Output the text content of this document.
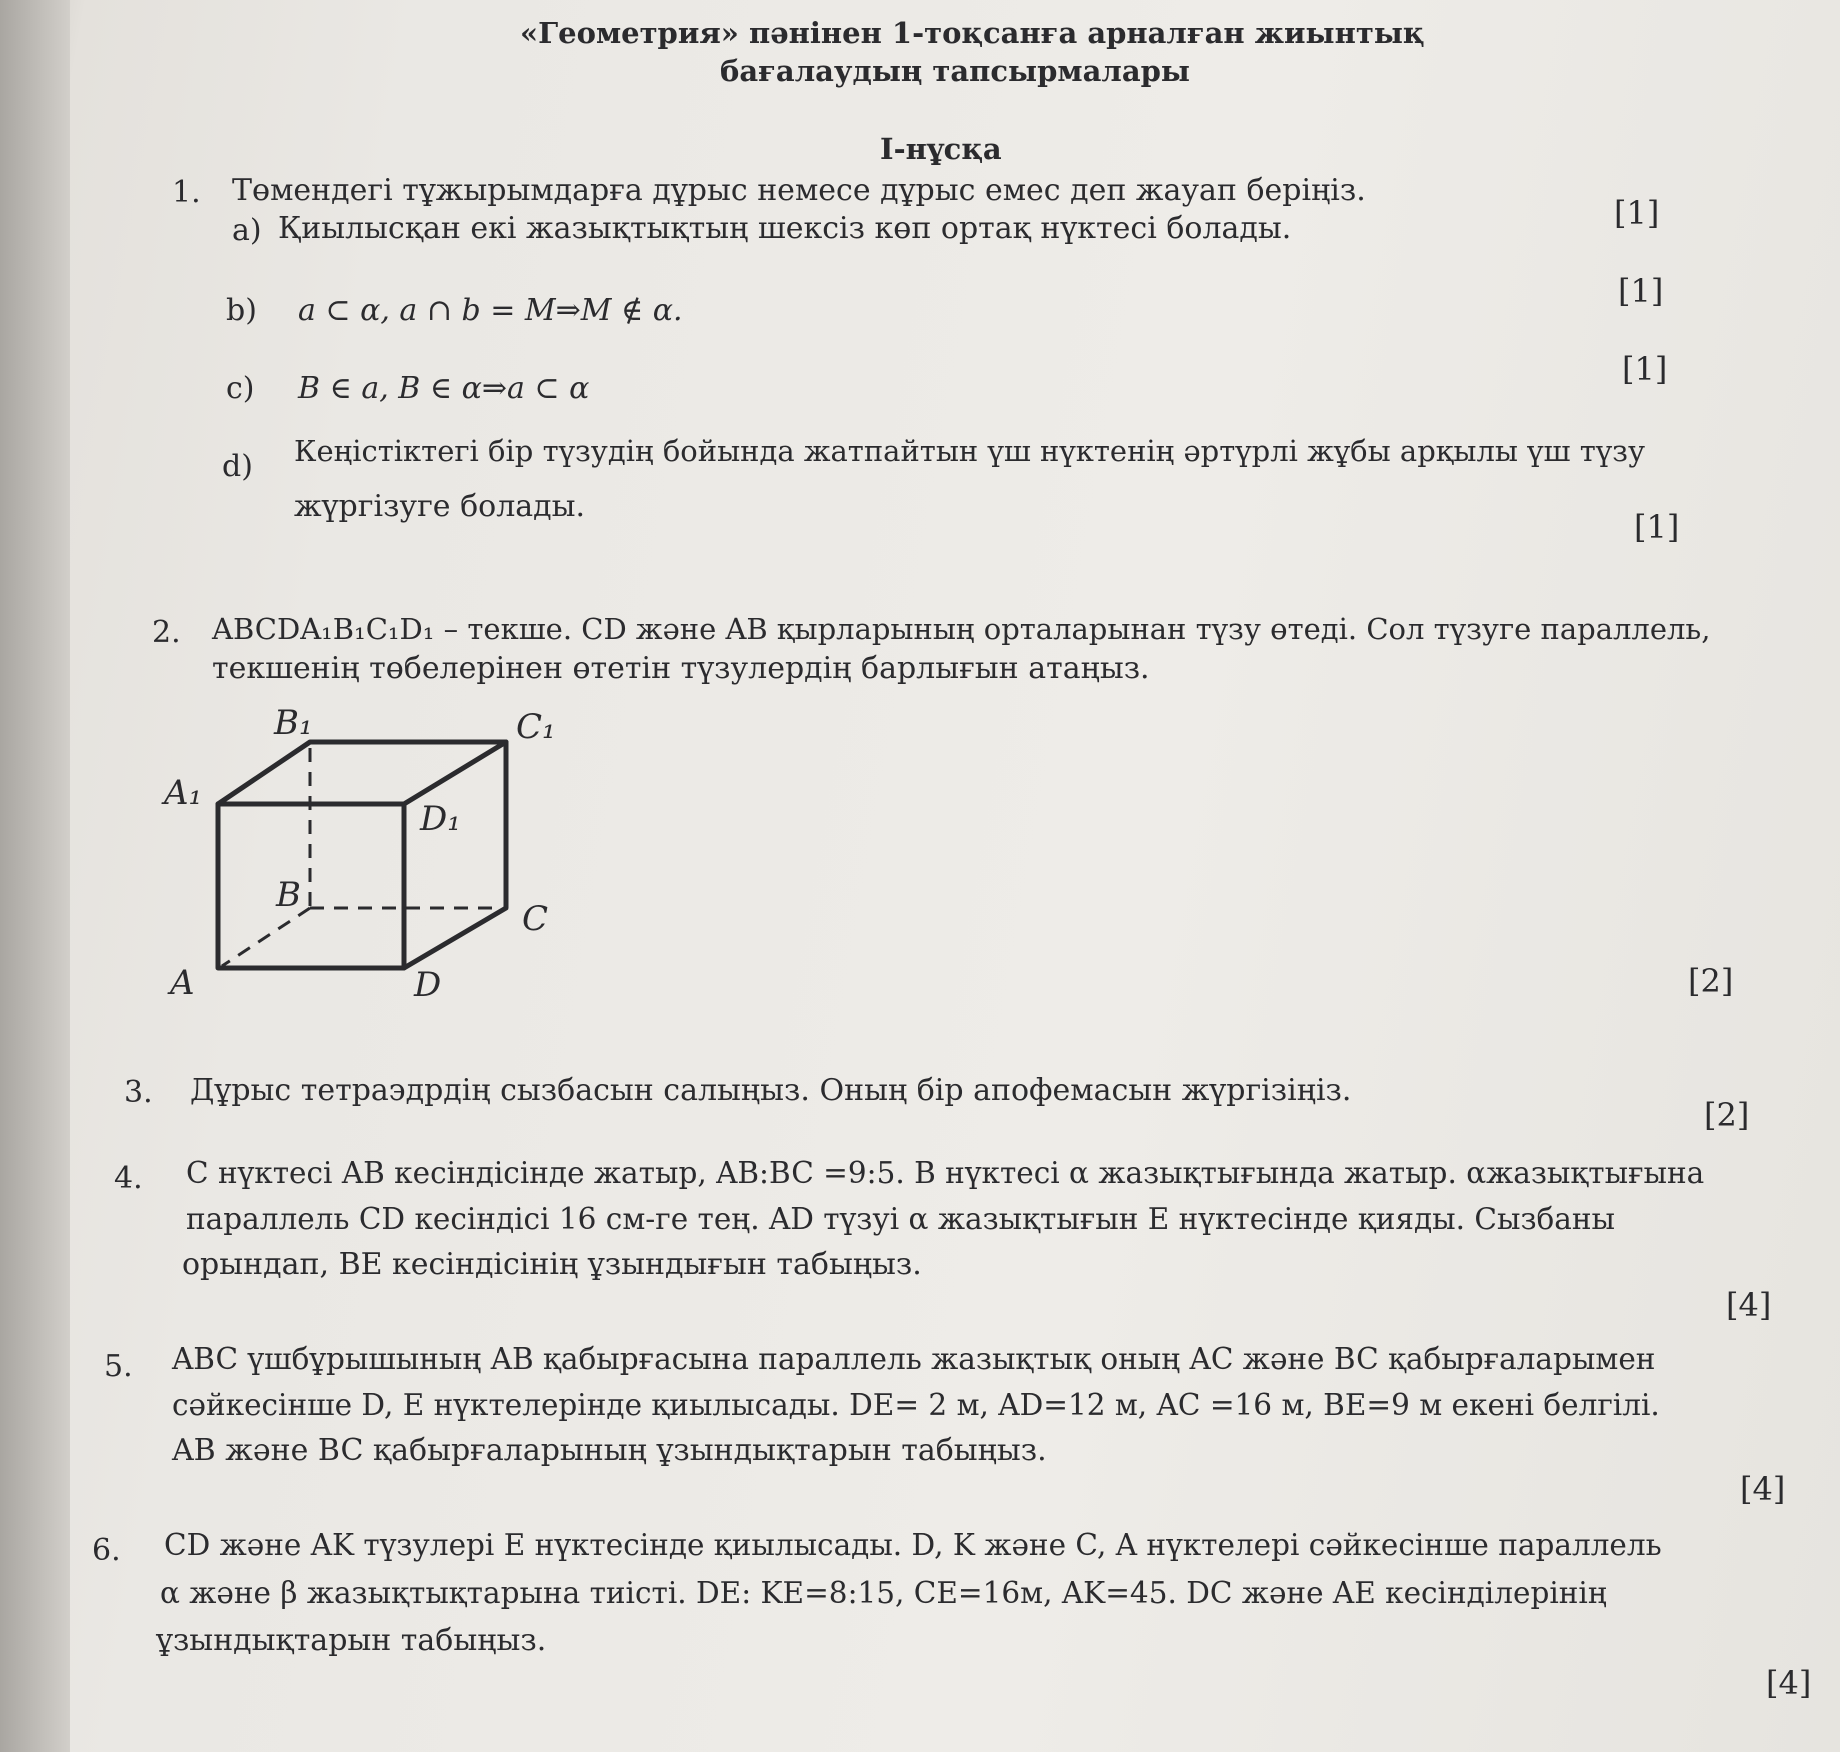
«Геометрия» пәнінен 1-тоқсанға арналған жиынтық
бағалаудың тапсырмалары
І-нұсқа
1. Төмендегі тұжырымдарға дұрыс немесе дұрыс емес деп жауап беріңіз.
a) Қиылысқан екі жазықтықтың шексіз көп ортақ нүктесі болады.	[1]
b) a ⊂ α, a ∩ b = M⇒M ∉ α.
[1]
c) B ∈ a, B ∈ α⇒a ⊂ α
[1]
d) Кеңістіктегі бір түзудің бойында жатпайтын үш нүктенің әртүрлі жұбы арқылы үш түзу
жүргізуге болады.
[1]
2. ABCDA₁B₁C₁D₁ – текше. CD және AB қырларының орталарынан түзу өтеді. Сол түзуге параллель,
текшенің төбелерінен өтетін түзулердің барлығын атаңыз.
B₁	C₁
A₁
D₁
B
C
A	D	[2]
3. Дұрыс тетраэдрдің сызбасын салыңыз. Оның бір апофемасын жүргізіңіз.
[2]
4. C нүктесі AB кесіндісінде жатыр, AB:BC =9:5. B нүктесі α жазықтығында жатыр. αжазықтығына
параллель CD кесіндісі 16 см-ге тең. AD түзуі α жазықтығын E нүктесінде қияды. Сызбаны
орындап, BE кесіндісінің ұзындығын табыңыз.
[4]
5. ABC үшбұрышының AB қабырғасына параллель жазықтық оның AC және BC қабырғаларымен
сәйкесінше D, E нүктелерінде қиылысады. DE= 2 м, AD=12 м, AC =16 м, BE=9 м екені белгілі.
AB және BC қабырғаларының ұзындықтарын табыңыз.
[4]
6. CD және AK түзулері E нүктесінде қиылысады. D, K және C, A нүктелері сәйкесінше параллель
α және β жазықтықтарына тиісті. DE: KE=8:15, CE=16м, AK=45. DC және AE кесінділерінің
ұзындықтарын табыңыз.
[4]
